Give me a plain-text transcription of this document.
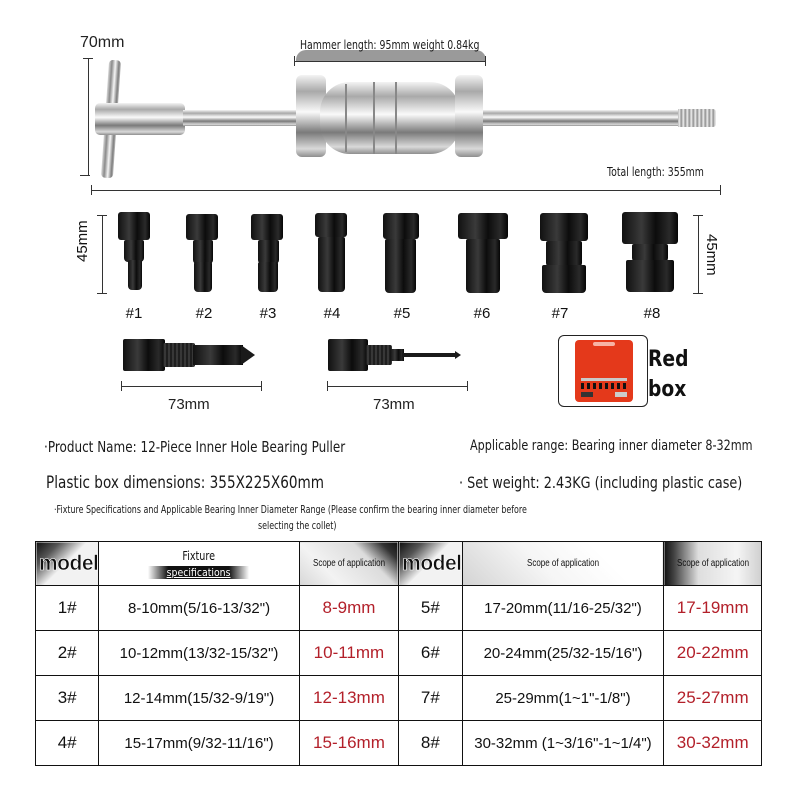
70mm	Hammer length: 95mm weight 0.84kg
Total length: 355mm
45mm	45mm
#1	#2	#3	#4	#5	#6	#7	#8
73mm	73mm
Red
box
·Product Name: 12-Piece Inner Hole Bearing Puller	Applicable range: Bearing inner diameter 8-32mm
Plastic box dimensions: 355X225X60mm	· Set weight: 2.43KG (including plastic case)
·Fixture Specifications and Applicable Bearing Inner Diameter Range (Please confirm the bearing inner diameter before
selecting the collet)
model	Fixture
specifications	Scope of application	model	Scope of application	Scope of application
1#	8-10mm(5/16-13/32")	8-9mm	5#	17-20mm(11/16-25/32")	17-19mm
2#	10-12mm(13/32-15/32")	10-11mm	6#	20-24mm(25/32-15/16")	20-22mm
3#	12-14mm(15/32-9/19")	12-13mm	7#	25-29mm(1~1"-1/8")	25-27mm
4#	15-17mm(9/32-11/16")	15-16mm	8#	30-32mm (1~3/16"-1~1/4")	30-32mm
